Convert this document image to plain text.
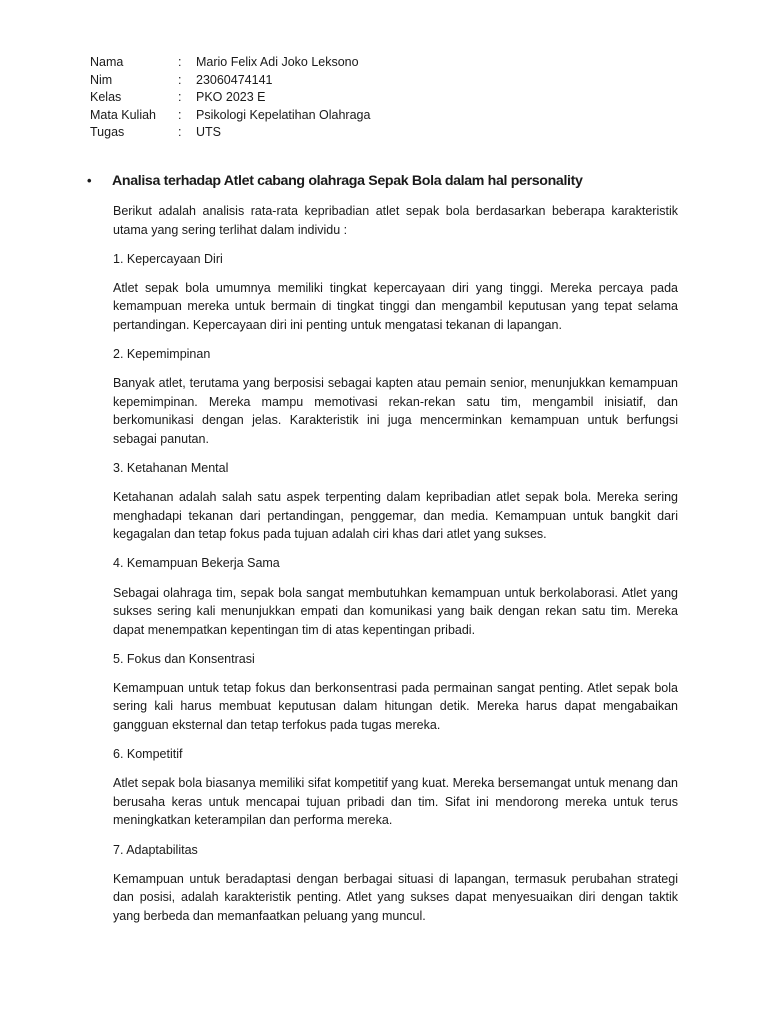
Nama	:	Mario Felix Adi Joko Leksono
Nim	:	23060474141
Kelas	:	PKO 2023 E
Mata Kuliah	:	Psikologi Kepelatihan Olahraga
Tugas	:	UTS
• Analisa terhadap Atlet cabang olahraga Sepak Bola dalam hal personality

Berikut adalah analisis rata-rata kepribadian atlet sepak bola berdasarkan beberapa karakteristik utama yang sering terlihat dalam individu :

1. Kepercayaan Diri

Atlet sepak bola umumnya memiliki tingkat kepercayaan diri yang tinggi. Mereka percaya pada kemampuan mereka untuk bermain di tingkat tinggi dan mengambil keputusan yang tepat selama pertandingan. Kepercayaan diri ini penting untuk mengatasi tekanan di lapangan.

2. Kepemimpinan

Banyak atlet, terutama yang berposisi sebagai kapten atau pemain senior, menunjukkan kemampuan kepemimpinan. Mereka mampu memotivasi rekan-rekan satu tim, mengambil inisiatif, dan berkomunikasi dengan jelas. Karakteristik ini juga mencerminkan kemampuan untuk berfungsi sebagai panutan.

3. Ketahanan Mental

Ketahanan adalah salah satu aspek terpenting dalam kepribadian atlet sepak bola. Mereka sering menghadapi tekanan dari pertandingan, penggemar, dan media. Kemampuan untuk bangkit dari kegagalan dan tetap fokus pada tujuan adalah ciri khas dari atlet yang sukses.

4. Kemampuan Bekerja Sama

Sebagai olahraga tim, sepak bola sangat membutuhkan kemampuan untuk berkolaborasi. Atlet yang sukses sering kali menunjukkan empati dan komunikasi yang baik dengan rekan satu tim. Mereka dapat menempatkan kepentingan tim di atas kepentingan pribadi.

5. Fokus dan Konsentrasi

Kemampuan untuk tetap fokus dan berkonsentrasi pada permainan sangat penting. Atlet sepak bola sering kali harus membuat keputusan dalam hitungan detik. Mereka harus dapat mengabaikan gangguan eksternal dan tetap terfokus pada tugas mereka.

6. Kompetitif

Atlet sepak bola biasanya memiliki sifat kompetitif yang kuat. Mereka bersemangat untuk menang dan berusaha keras untuk mencapai tujuan pribadi dan tim. Sifat ini mendorong mereka untuk terus meningkatkan keterampilan dan performa mereka.

7. Adaptabilitas

Kemampuan untuk beradaptasi dengan berbagai situasi di lapangan, termasuk perubahan strategi dan posisi, adalah karakteristik penting. Atlet yang sukses dapat menyesuaikan diri dengan taktik yang berbeda dan memanfaatkan peluang yang muncul.
